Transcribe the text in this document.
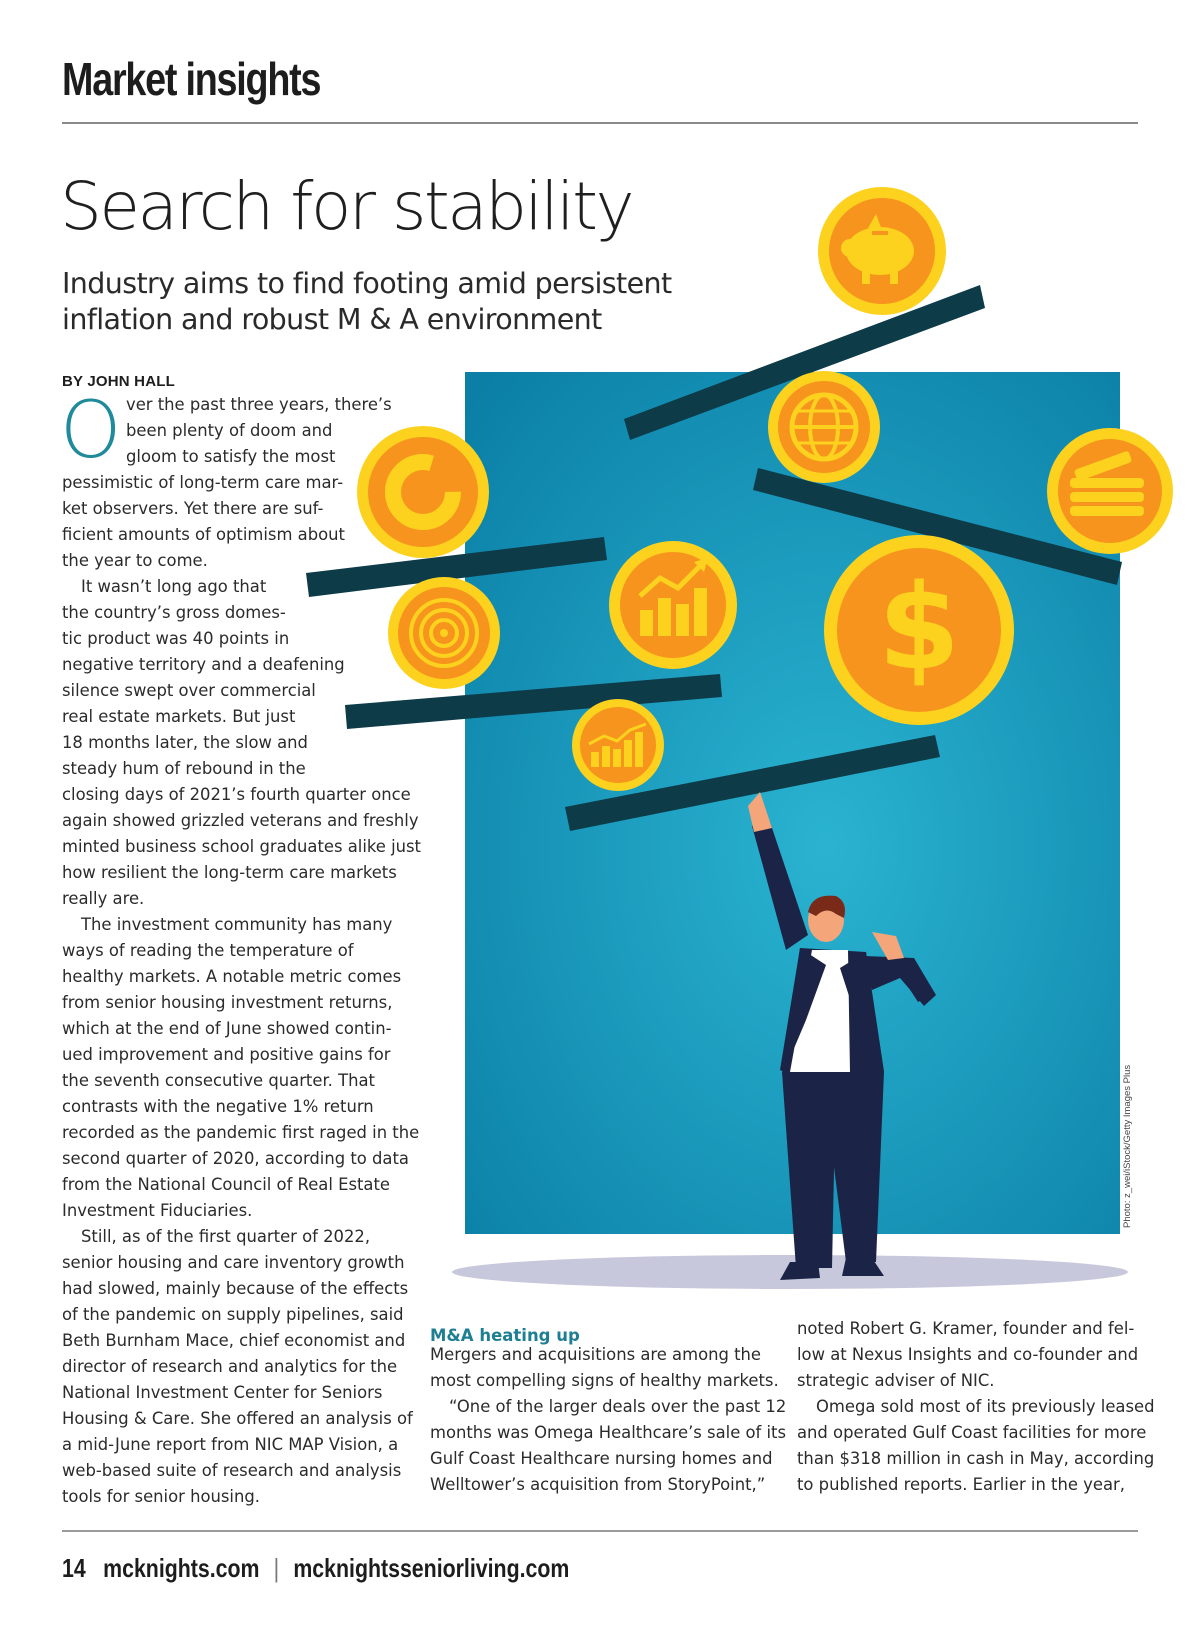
Market insights
$
Search for stability
Industry aims to find footing amid persistent
inflation and robust M & A environment
BY JOHN HALL
O ver the past three years, there’s
been plenty of doom and
gloom to satisfy the most
pessimistic of long-term care mar-
ket observers. Yet there are suf-
ficient amounts of optimism about
the year to come.
It wasn’t long ago that
the country’s gross domes-
tic product was 40 points in
negative territory and a deafening
silence swept over commercial
real estate markets. But just
18 months later, the slow and
steady hum of rebound in the
closing days of 2021’s fourth quarter once
again showed grizzled veterans and freshly
minted business school graduates alike just
how resilient the long-term care markets
really are.
The investment community has many
ways of reading the temperature of
healthy markets. A notable metric comes
from senior housing investment returns,
which at the end of June showed contin-
ued improvement and positive gains for
the seventh consecutive quarter. That
contrasts with the negative 1% return
recorded as the pandemic first raged in the
second quarter of 2020, according to data
from the National Council of Real Estate
Investment Fiduciaries.
Still, as of the first quarter of 2022,
senior housing and care inventory growth
had slowed, mainly because of the effects
of the pandemic on supply pipelines, said
Beth Burnham Mace, chief economist and
director of research and analytics for the
National Investment Center for Seniors
Housing & Care. She offered an analysis of
a mid-June report from NIC MAP Vision, a
web-based suite of research and analysis
tools for senior housing.
M&A heating up
Mergers and acquisitions are among the
most compelling signs of healthy markets.
“One of the larger deals over the past 12
months was Omega Healthcare’s sale of its
Gulf Coast Healthcare nursing homes and
Welltower’s acquisition from StoryPoint,”
noted Robert G. Kramer, founder and fel-
low at Nexus Insights and co-founder and
strategic adviser of NIC.
Omega sold most of its previously leased
and operated Gulf Coast facilities for more
than $318 million in cash in May, according
to published reports. Earlier in the year,
Photo: z_wei/iStock/Getty Images Plus
14 mcknights.com | mcknightsseniorliving.com
